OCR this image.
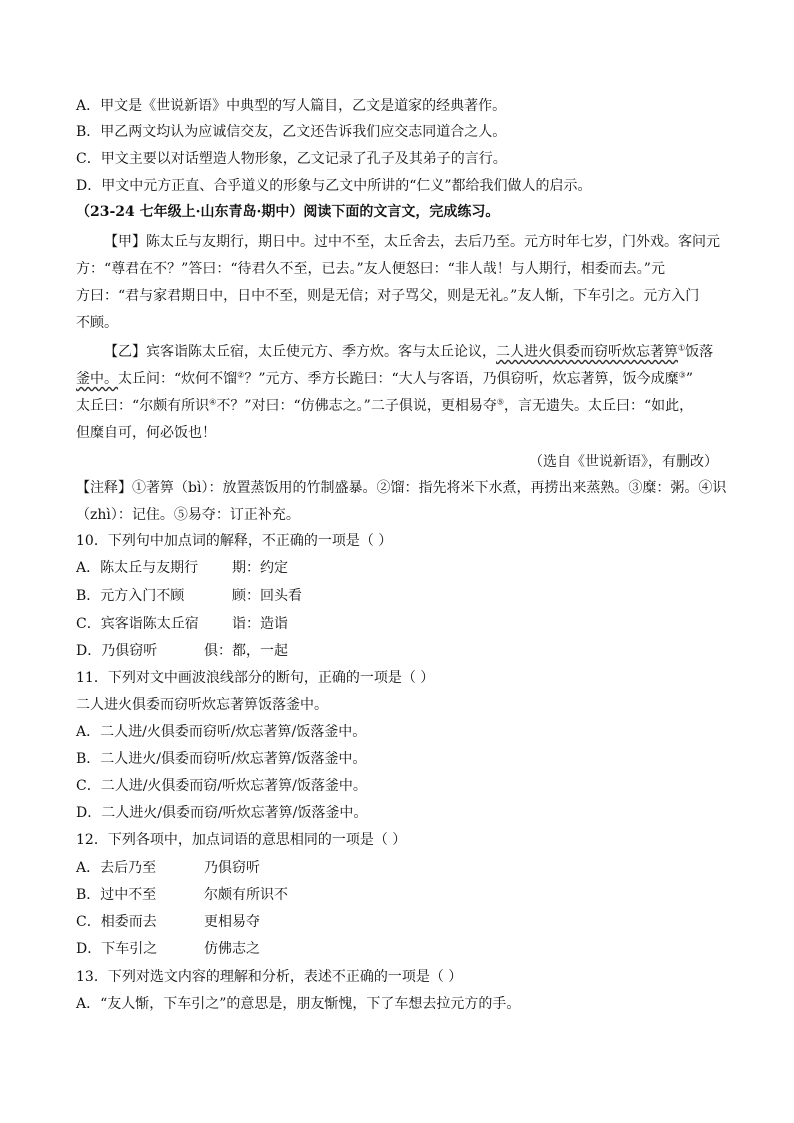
A．甲文是《世说新语》中典型的写人篇目，乙文是道家的经典著作。
B．甲乙两文均认为应诚信交友，乙文还告诉我们应交志同道合之人。
C．甲文主要以对话塑造人物形象，乙文记录了孔子及其弟子的言行。
D．甲文中元方正直、合乎道义的形象与乙文中所讲的“仁义”都给我们做人的启示。
（23-24 七年级上·山东青岛·期中）阅读下面的文言文，完成练习。
【甲】陈太丘与友期行，期日中。过中不至，太丘舍去，去后乃至。元方时年七岁，门外戏。客问元
方：“尊君在不？”答曰：“待君久不至，已去。”友人便怒曰：“非人哉！与人期行，相委而去。”元
方曰：“君与家君期日中，日中不至，则是无信；对子骂父，则是无礼。”友人惭，下车引之。元方入门
不顾。
【乙】宾客诣陈太丘宿，太丘使元方、季方炊。客与太丘论议，二人进火俱委而窃听炊忘著箅①饭落
釜中。太丘问：“炊何不馏②？”元方、季方长跪曰：“大人与客语，乃俱窃听，炊忘著箅，饭今成糜③”
太丘曰：“尔颇有所识④不？”对曰：“仿佛志之。”二子俱说，更相易夺⑤，言无遗失。太丘曰：“如此，
但糜自可，何必饭也！
（选自《世说新语》，有删改）
【注释】①著箅（bì）：放置蒸饭用的竹制盛暴。②馏：指先将米下水煮，再捞出来蒸熟。③糜：粥。④识
（zhì）：记住。⑤易夺：订正补充。
10．下列句中加点词的解释，不正确的一项是（ ）
A．陈太丘与友期行 期：约定
B．元方入门不顾	顾：回头看
C．宾客诣陈太丘宿 诣：造诣
D．乃俱窃听	俱：都，一起
11．下列对文中画波浪线部分的断句，正确的一项是（ ）
二人进火俱委而窃听炊忘著箅饭落釜中。
A．二人进/火俱委而窃听/炊忘著箅/饭落釜中。
B．二人进火/俱委而窃听/炊忘著箅/饭落釜中。
C．二人进/火俱委而窃/听炊忘著箅/饭落釜中。
D．二人进火/俱委而窃/听炊忘著箅/饭落釜中。
12．下列各项中，加点词语的意思相同的一项是（ ）
A．去后乃至	乃俱窃听
B．过中不至	尔颇有所识不
C．相委而去	更相易夺
D．下车引之	仿佛志之
13．下列对选文内容的理解和分析，表述不正确的一项是（ ）
A．“友人惭，下车引之”的意思是，朋友惭愧，下了车想去拉元方的手。
